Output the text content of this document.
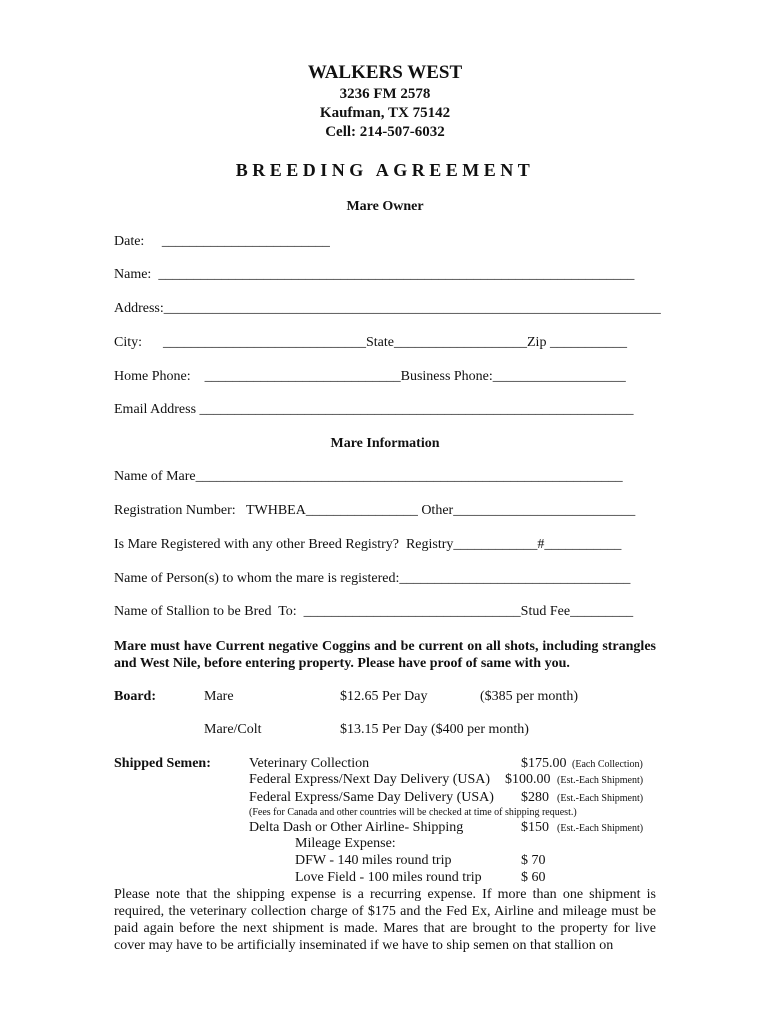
WALKERS WEST
3236 FM 2578
Kaufman, TX 75142
Cell: 214-507-6032
BREEDING AGREEMENT
Mare Owner
Date:     ________________________
Name:  ____________________________________________________________________
Address:_______________________________________________________________________
City:      _____________________________State___________________Zip ___________
Home Phone:    ____________________________Business Phone:___________________
Email Address ______________________________________________________________
Mare Information
Name of Mare_____________________________________________________________
Registration Number:   TWHBEA________________ Other__________________________
Is Mare Registered with any other Breed Registry?  Registry____________#___________
Name of Person(s) to whom the mare is registered:_________________________________
Name of Stallion to be Bred  To:  _______________________________Stud Fee_________
Mare must have Current negative Coggins and be current on all shots, including strangles and West Nile, before entering property. Please have proof of same with you.
Board:	Mare	$12.65 Per Day	($385 per month)
Mare/Colt	$13.15 Per Day ($400 per month)
Shipped Semen:	Veterinary Collection	$175.00 (Each Collection)
Federal Express/Next Day Delivery (USA) $100.00 (Est.-Each Shipment)
Federal Express/Same Day Delivery (USA) $280 (Est.-Each Shipment)
(Fees for Canada and other countries will be checked at time of shipping request.)
Delta Dash or Other Airline- Shipping	$150 (Est.-Each Shipment)
Mileage Expense:
DFW - 140 miles round trip	$ 70
Love Field - 100 miles round trip	$ 60
Please note that the shipping expense is a recurring expense. If more than one shipment is required, the veterinary collection charge of $175 and the Fed Ex, Airline and mileage must be paid again before the next shipment is made. Mares that are brought to the property for live cover may have to be artificially inseminated if we have to ship semen on that stallion on
